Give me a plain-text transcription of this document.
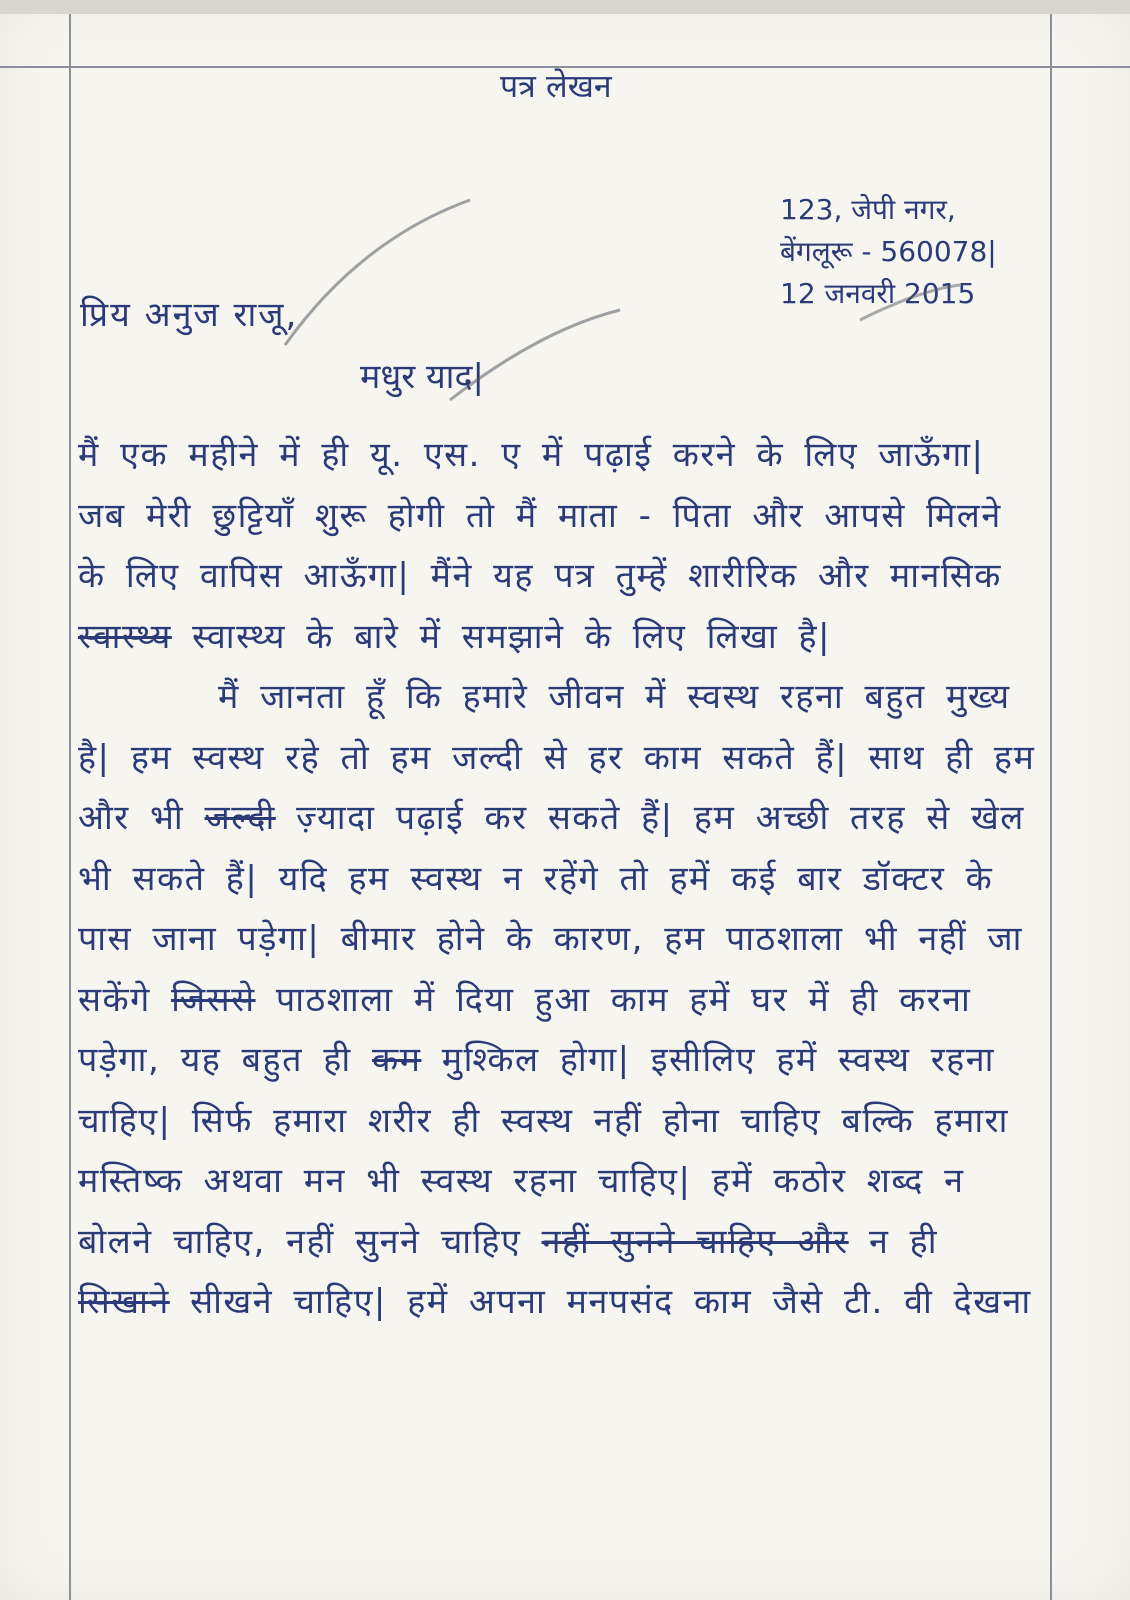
पत्र लेखन
123, जेपी नगर,
बेंगलूरू - 560078|
12 जनवरी 2015
प्रिय अनुज राजू,
मधुर याद|

मैं एक महीने में ही यू. एस. ए में पढ़ाई करने के लिए जाऊँगा| जब मेरी छुट्टियाँ शुरू होगी तो मैं माता - पिता और आपसे मिलने के लिए वापिस आऊँगा| मैंने यह पत्र तुम्हें शारीरिक और मानसिक स्वास्थ्य स्वास्थ्य के बारे में समझाने के लिए लिखा है|

मैं जानता हूँ कि हमारे जीवन में स्वस्थ रहना बहुत मुख्य है| हम स्वस्थ रहे तो हम जल्दी से हर काम सकते हैं| साथ ही हम और भी जल्दी ज़्यादा पढ़ाई कर सकते हैं| हम अच्छी तरह से खेल भी सकते हैं| यदि हम स्वस्थ न रहेंगे तो हमें कई बार डॉक्टर के पास जाना पड़ेगा| बीमार होने के कारण, हम पाठशाला भी नहीं जा सकेंगे जिससे पाठशाला में दिया हुआ काम हमें घर में ही करना पड़ेगा, यह बहुत ही कम मुश्किल होगा| इसीलिए हमें स्वस्थ रहना चाहिए| सिर्फ हमारा शरीर ही स्वस्थ नहीं होना चाहिए बल्कि हमारा मस्तिष्क अथवा मन भी स्वस्थ रहना चाहिए| हमें कठोर शब्द न बोलने चाहिए, नहीं सुनने चाहिए नहीं सुनने चाहिए और न ही सिखाने सीखने चाहिए| हमें अपना मनपसंद काम जैसे टी. वी देखना
